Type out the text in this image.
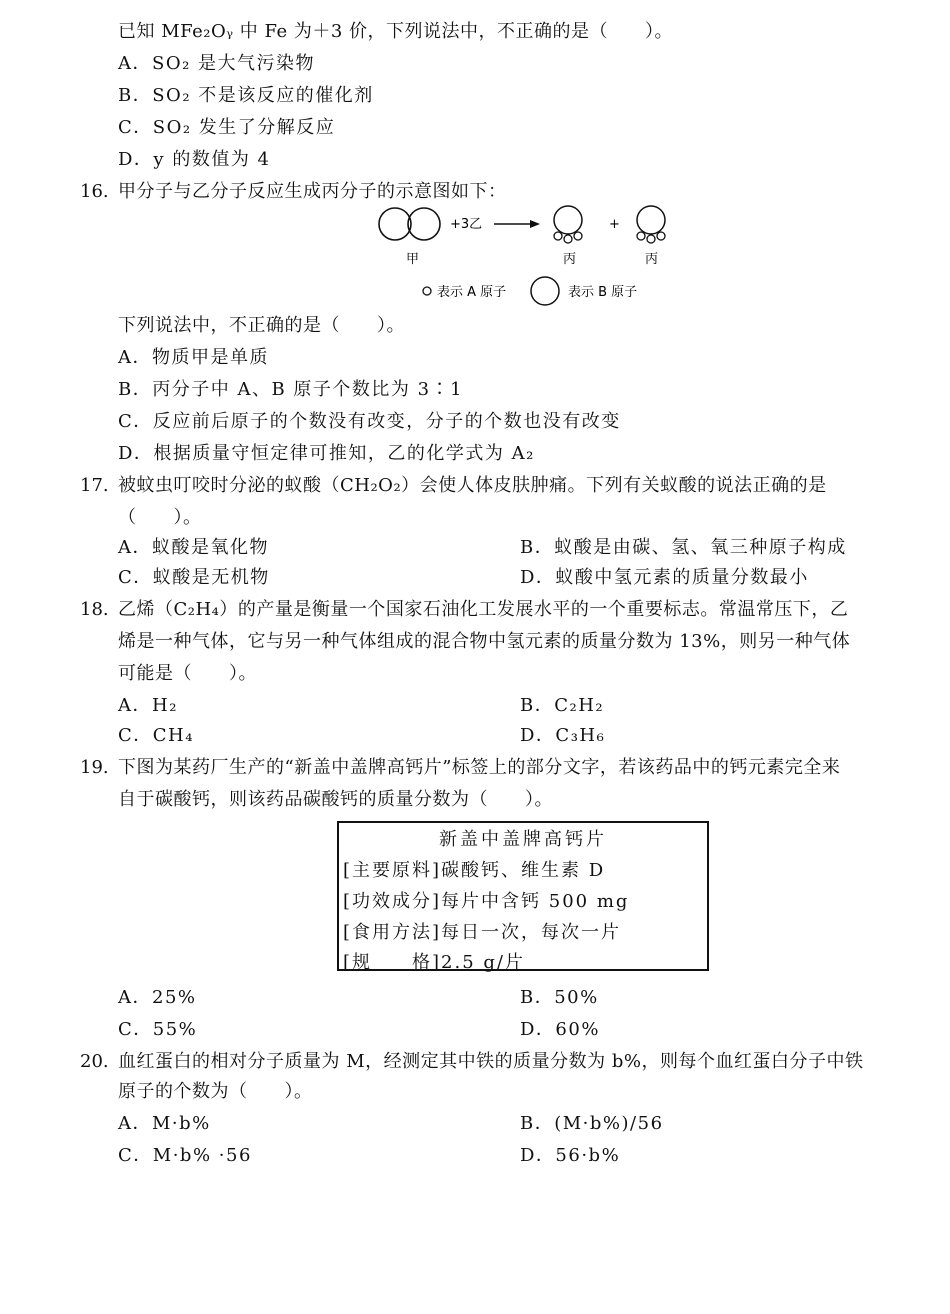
已知 MFe₂Oᵧ 中 Fe 为＋3 价，下列说法中，不正确的是（　　）。
A．SO₂ 是大气污染物
B．SO₂ 不是该反应的催化剂
C．SO₂ 发生了分解反应
D．y 的数值为 4
16. 甲分子与乙分子反应生成丙分子的示意图如下：
+3乙	+
甲	丙	丙
表示 A 原子	表示 B 原子
下列说法中，不正确的是（　　）。
A．物质甲是单质
B．丙分子中 A、B 原子个数比为 3∶1
C．反应前后原子的个数没有改变，分子的个数也没有改变
D．根据质量守恒定律可推知，乙的化学式为 A₂
17. 被蚊虫叮咬时分泌的蚁酸（CH₂O₂）会使人体皮肤肿痛。下列有关蚁酸的说法正确的是
（　　）。
A．蚁酸是氧化物	B．蚁酸是由碳、氢、氧三种原子构成
C．蚁酸是无机物	D．蚁酸中氢元素的质量分数最小
18. 乙烯（C₂H₄）的产量是衡量一个国家石油化工发展水平的一个重要标志。常温常压下，乙
烯是一种气体，它与另一种气体组成的混合物中氢元素的质量分数为 13%，则另一种气体
可能是（　　）。
A．H₂	B．C₂H₂
C．CH₄	D．C₃H₆
19. 下图为某药厂生产的“新盖中盖牌高钙片”标签上的部分文字，若该药品中的钙元素完全来
自于碳酸钙，则该药品碳酸钙的质量分数为（　　）。
新盖中盖牌高钙片
[主要原料]碳酸钙、维生素 D
[功效成分]每片中含钙 500 mg
[食用方法]每日一次，每次一片
[规　　格]2.5 g/片
A．25%	B．50%
C．55%	D．60%
20. 血红蛋白的相对分子质量为 M，经测定其中铁的质量分数为 b%，则每个血红蛋白分子中铁
原子的个数为（　　）。
A．M·b%	B．(M·b%)/56
C．M·b% ·56	D．56·b%
